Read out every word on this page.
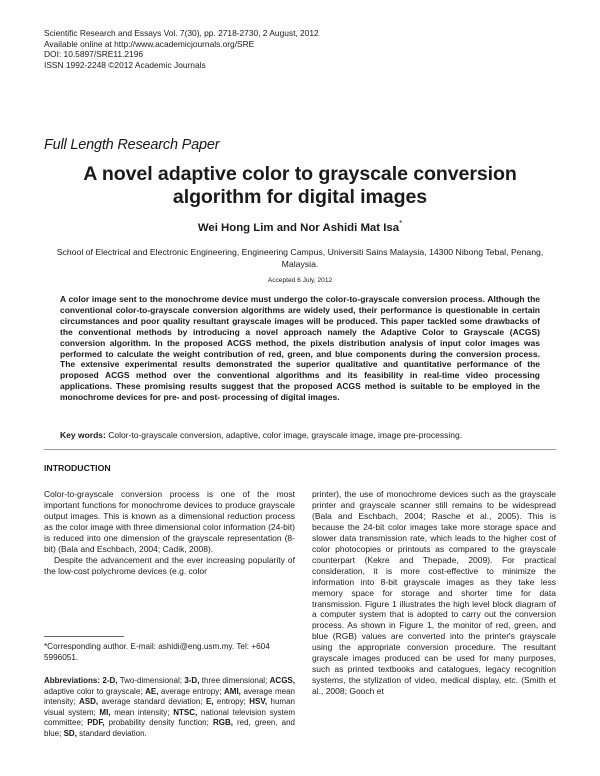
Scientific Research and Essays Vol. 7(30), pp. 2718-2730, 2 August, 2012
Available online at http://www.academicjournals.org/SRE
DOI: 10.5897/SRE11.2196
ISSN 1992-2248 ©2012 Academic Journals
Full Length Research Paper
A novel adaptive color to grayscale conversion
algorithm for digital images
Wei Hong Lim and Nor Ashidi Mat Isa*
School of Electrical and Electronic Engineering, Engineering Campus, Universiti Sains Malaysia, 14300 Nibong Tebal, Penang, Malaysia.
Accepted 6 July, 2012
A color image sent to the monochrome device must undergo the color-to-grayscale conversion process. Although the conventional color-to-grayscale conversion algorithms are widely used, their performance is questionable in certain circumstances and poor quality resultant grayscale images will be produced. This paper tackled some drawbacks of the conventional methods by introducing a novel approach namely the Adaptive Color to Grayscale (ACGS) conversion algorithm. In the proposed ACGS method, the pixels distribution analysis of input color images was performed to calculate the weight contribution of red, green, and blue components during the conversion process. The extensive experimental results demonstrated the superior qualitative and quantitative performance of the proposed ACGS method over the conventional algorithms and its feasibility in real-time video processing applications. These promising results suggest that the proposed ACGS method is suitable to be employed in the monochrome devices for pre- and post- processing of digital images.
Key words: Color-to-grayscale conversion, adaptive, color image, grayscale image, image pre-processing.
INTRODUCTION

Color-to-grayscale conversion process is one of the most important functions for monochrome devices to produce grayscale output images. This is known as a dimensional reduction process as the color image with three dimensional color information (24-bit) is reduced into one dimension of the grayscale representation (8-bit) (Bala and Eschbach, 2004; Cadik, 2008).

Despite the advancement and the ever increasing popularity of the low-cost polychrome devices (e.g. color

printer), the use of monochrome devices such as the grayscale printer and grayscale scanner still remains to be widespread (Bala and Eschbach, 2004; Rasche et al., 2005). This is because the 24-bit color images take more storage space and slower data transmission rate, which leads to the higher cost of color photocopies or printouts as compared to the grayscale counterpart (Kekre and Thepade, 2009). For practical consideration, it is more cost-effective to minimize the information into 8-bit grayscale images as they take less memory space for storage and shorter time for data transmission. Figure 1 illustrates the high level block diagram of a computer system that is adopted to carry out the conversion process. As shown in Figure 1, the monitor of red, green, and blue (RGB) values are converted into the printer's grayscale using the appropriate conversion procedure. The resultant grayscale images produced can be used for many purposes, such as printed textbooks and catalogues, legacy recognition systems, the stylization of video, medical display, etc. (Smith et al., 2008; Gooch et

*Corresponding author. E-mail: ashidi@eng.usm.my. Tel: +604 5996051.
Abbreviations: 2-D, Two-dimensional; 3-D, three dimensional; ACGS, adaptive color to grayscale; AE, average entropy; AMI, average mean intensity; ASD, average standard deviation; E, entropy; HSV, human visual system; MI, mean intensity; NTSC, national television system committee; PDF, probability density function; RGB, red, green, and blue; SD, standard deviation.
